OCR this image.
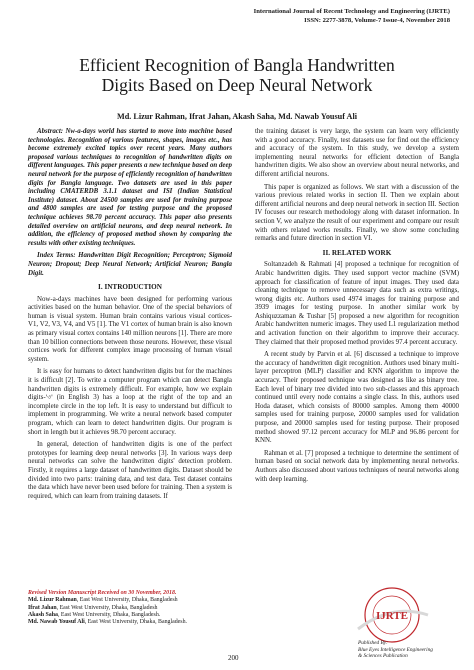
International Journal of Recent Technology and Engineering (IJRTE)
ISSN: 2277-3878, Volume-7 Issue-4, November 2018
Efficient Recognition of Bangla Handwritten
Digits Based on Deep Neural Network
Md. Lizur Rahman, Ifrat Jahan, Akash Saha, Md. Nawab Yousuf Ali

Abstract: Nw-a-days world has started to move into machine based technologies. Recognition of various features, shapes, images etc., has become extremely excited topics over recent years. Many authors proposed various techniques to recognition of handwritten digits on different languages. This paper presents a new technique based on deep neural network for the purpose of efficiently recognition of handwritten digits for Bangla language. Two datasets are used in this paper including CMATERDB 3.1.1 dataset and ISI (Indian Statistical Institute) dataset. About 24500 samples are used for training purpose and 4800 samples are used for testing purpose and the proposed technique achieves 98.70 percent accuracy. This paper also presents detailed overview on artificial neurons, and deep neural network. In addition, the efficiency of proposed method shown by comparing the results with other existing techniques.

Index Terms: Handwritten Digit Recognition; Perceptron; Sigmoid Neuron; Dropout; Deep Neural Network; Artificial Neuron; Bangla Digit.

I. INTRODUCTION

Now-a-days machines have been designed for performing various activities based on the human behavior. One of the special behaviors of human is visual system. Human brain contains various visual cortices- V1, V2, V3, V4, and V5 [1]. The V1 cortex of human brain is also known as primary visual cortex contains 140 million neurons [1]. There are more than 10 billion connections between those neurons. However, these visual cortices work for different complex image processing of human visual system.

It is easy for humans to detect handwritten digits but for the machines it is difficult [2]. To write a computer program which can detect Bangla handwritten digits is extremely difficult. For example, how we explain digits-'৩' (in English 3) has a loop at the right of the top and an incomplete circle in the top left. It is easy to understand but difficult to implement in programming. We write a neural network based computer program, which can learn to detect handwritten digits. Our program is short in length but it achieves 98.70 percent accuracy.

In general, detection of handwritten digits is one of the perfect prototypes for learning deep neural networks [3]. In various ways deep neural networks can solve the handwritten digits' detection problem. Firstly, it requires a large dataset of handwritten digits. Dataset should be divided into two parts: training data, and test data. Test dataset contains the data which have never been used before for training. Then a system is required, which can learn from training datasets. If

the training dataset is very large, the system can learn very efficiently with a good accuracy. Finally, test datasets use for find out the efficiency and accuracy of the system. In this study, we develop a system implementing neural networks for efficient detection of Bangla handwritten digits. We also show an overview about neural networks, and different artificial neurons.

This paper is organized as follows. We start with a discussion of the various previous related works in section II. Then we explain about different artificial neurons and deep neural network in section III. Section IV focuses our research methodology along with dataset information. In section V, we analyze the result of our experiment and compare our result with others related works results. Finally, we show some concluding remarks and future direction in section VI.

II. RELATED WORK

Soltanzadeh & Rahmati [4] proposed a technique for recognition of Arabic handwritten digits. They used support vector machine (SVM) approach for classification of feature of input images. They used data cleaning technique to remove unnecessary data such as extra writings, wrong digits etc. Authors used 4974 images for training purpose and 3939 images for testing purpose. In another similar work by Ashiquzzaman & Tushar [5] proposed a new algorithm for recognition Arabic handwritten numeric images. They used L1 regularization method and activation function on their algorithm to improve their accuracy. They claimed that their proposed method provides 97.4 percent accuracy.

A recent study by Parvin et al. [6] discussed a technique to improve the accuracy of handwritten digit recognition. Authors used binary multi-layer perceptron (MLP) classifier and KNN algorithm to improve the accuracy. Their proposed technique was designed as like as binary tree. Each level of binary tree divided into two sub-classes and this approach continued until every node contains a single class. In this, authors used Hoda dataset, which consists of 80000 samples. Among them 40000 samples used for training purpose, 20000 samples used for validation purpose, and 20000 samples used for testing purpose. Their proposed method showed 97.12 percent accuracy for MLP and 96.86 percent for KNN.

Rahman et al. [7] proposed a technique to determine the sentiment of human based on social network data by implementing neural networks. Authors also discussed about various techniques of neural networks along with deep learning.

Revised Version Manuscript Received on 30 November, 2018.
Md. Lizur Rahman, East West University, Dhaka, Bangladesh
Ifrat Jahan, East West University, Dhaka, Bangladesh
Akash Saha, East West University, Dhaka, Bangladesh.
Md. Nawab Yousuf Ali, East West University, Dhaka, Bangladesh.
200
IJRTE
Published By:
Blue Eyes Intelligence Engineering
& Sciences Publication
